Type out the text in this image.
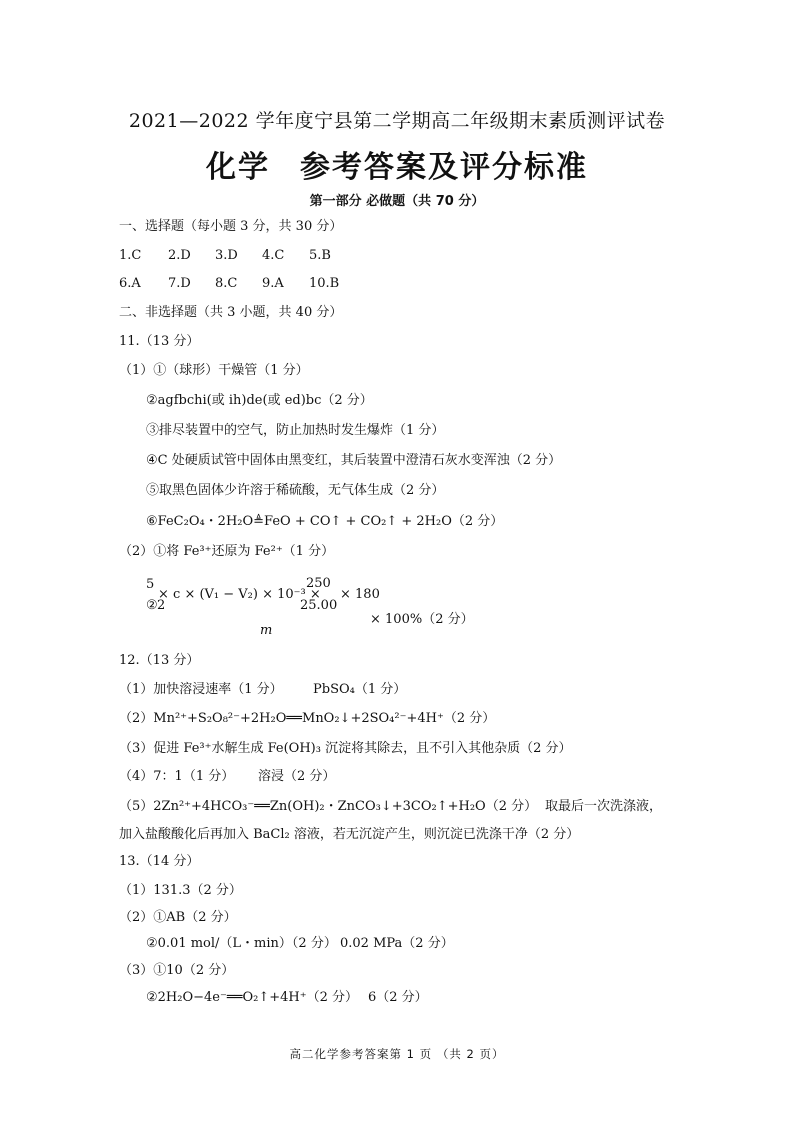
2021—2022 学年度宁县第二学期高二年级期末素质测评试卷
化学 参考答案及评分标准
第一部分 必做题（共 70 分）
一、选择题（每小题 3 分，共 30 分）
1.C 2.D 3.D 4.C 5.B
6.A 7.D 8.C 9.A 10.B
二、非选择题（共 3 小题，共 40 分）
11.（13 分）
（1）①（球形）干燥管（1 分）
②agfbchi(或 ih)de(或 ed)bc（2 分）
③排尽装置中的空气，防止加热时发生爆炸（1 分）
④C 处硬质试管中固体由黑变红，其后装置中澄清石灰水变浑浊（2 分）
⑤取黑色固体少许溶于稀硫酸，无气体生成（2 分）
⑥FeC₂O₄・2H₂O≜FeO + CO↑ + CO₂↑ + 2H₂O（2 分）
（2）①将 Fe³⁺还原为 Fe²⁺（1 分）
5
② 2
× c × (V₁ − V₂) × 10⁻³ ×
250
25.00
× 180
× 100%（2 分）
m
12.（13 分）
（1）加快溶浸速率（1 分） PbSO₄（1 分）
（2）Mn²⁺+S₂O₈²⁻+2H₂O══MnO₂↓+2SO₄²⁻+4H⁺（2 分）
（3）促进 Fe³⁺水解生成 Fe(OH)₃ 沉淀将其除去，且不引入其他杂质（2 分）
（4）7：1（1 分） 溶浸（2 分）
（5）2Zn²⁺+4HCO₃⁻══Zn(OH)₂・ZnCO₃↓+3CO₂↑+H₂O（2 分） 取最后一次洗涤液，
加入盐酸酸化后再加入 BaCl₂ 溶液，若无沉淀产生，则沉淀已洗涤干净（2 分）
13.（14 分）
（1）131.3（2 分）
（2）①AB（2 分）
②0.01 mol/（L・min）（2 分） 0.02 MPa（2 分）
（3）①10（2 分）
②2H₂O−4e⁻══O₂↑+4H⁺（2 分） 6（2 分）
高二化学参考答案第 1 页 （共 2 页）
